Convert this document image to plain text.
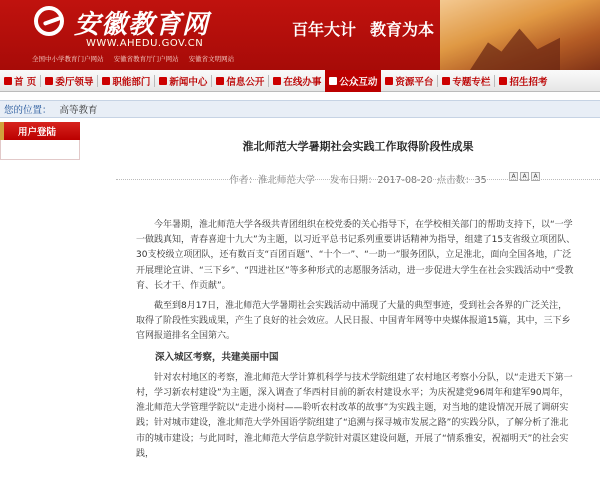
安徽教育网
WWW.AHEDU.GOV.CN
全国中小学教育门户网站 安徽省教育厅门户网站 安徽省文明网站
百年大计 教育为本
首 页 委厅领导 职能部门 新闻中心 信息公开 在线办事 公众互动 资源平台 专题专栏 招生招考
您的位置： 高等教育
用户登陆
淮北师范大学暑期社会实践工作取得阶段性成果
作者：淮北师范大学 发布日期：2017-08-20 点击数：35	A	A	A

今年暑期，淮北师范大学各级共青团组织在校党委的关心指导下，在学校相关部门的帮助支持下，以“一学一做践真知，青春喜迎十九大”为主题，以习近平总书记系列重要讲话精神为指导，组建了15支省级立项团队、30支校级立项团队，还有数百支“百团百题”、“十个一”、“一助一”服务团队，立足淮北，面向全国各地，广泛开展理论宣讲、“三下乡”、“四进社区”等多种形式的志愿服务活动，进一步促进大学生在社会实践活动中“受教育、长才干、作贡献”。

截至到8月17日，淮北师范大学暑期社会实践活动中涌现了大量的典型事迹，受到社会各界的广泛关注，取得了阶段性实践成果，产生了良好的社会效应。人民日报、中国青年网等中央媒体报道15篇，其中，三下乡官网报道排名全国第六。

深入城区考察，共建美丽中国

针对农村地区的考察，淮北师范大学计算机科学与技术学院组建了农村地区考察小分队，以“走进天下第一村，学习新农村建设”为主题，深入调查了华西村目前的新农村建设水平；为庆祝建党96周年和建军90周年，淮北师范大学管理学院以“走进小岗村——聆听农村改革的故事”为实践主题，对当地的建设情况开展了调研实践；针对城市建设，淮北师范大学外国语学院组建了“追溯与探寻城市发展之路”的实践分队，了解分析了淮北市的城市建设；与此同时，淮北师范大学信息学院针对震区建设问题，开展了“情系雅安，祝福明天”的社会实践，
